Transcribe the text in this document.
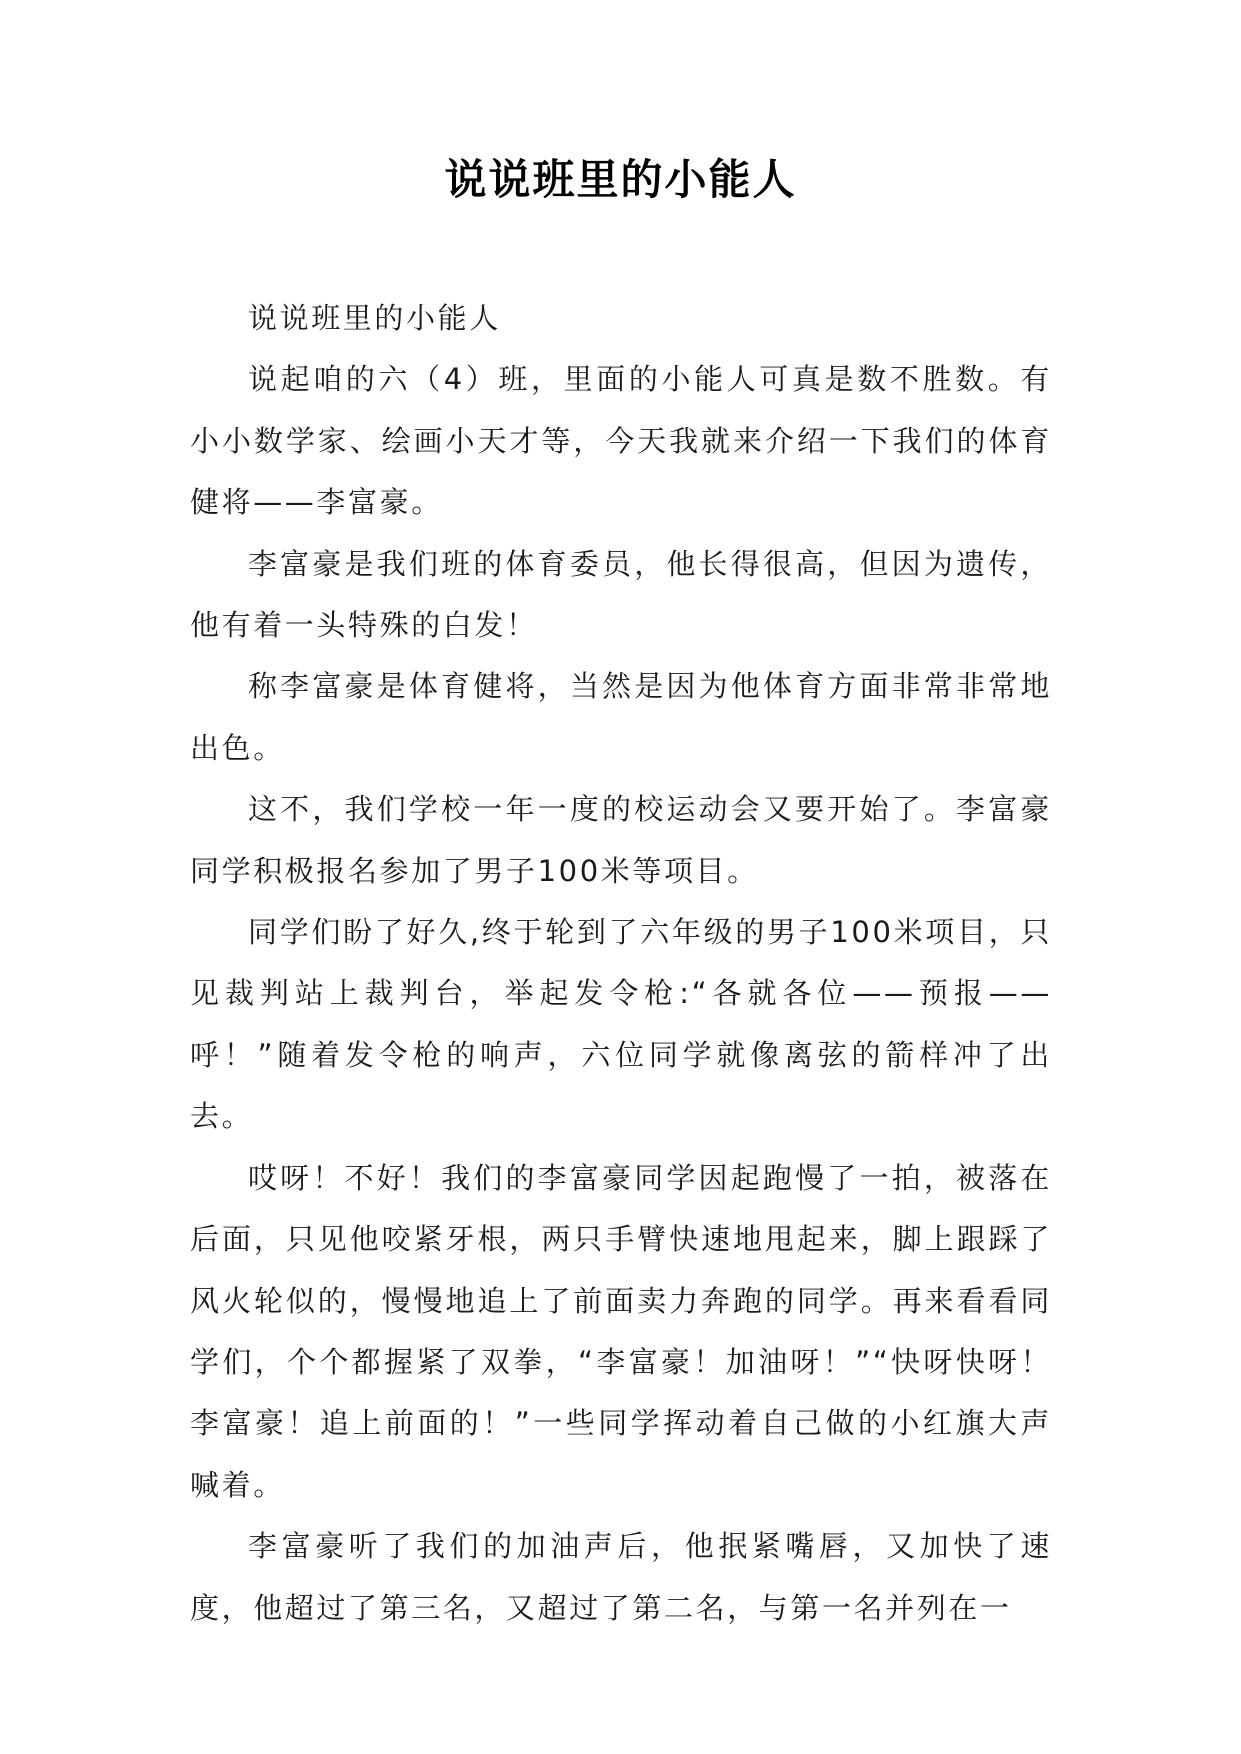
说说班里的小能人

说说班里的小能人

说起咱的六（4）班，里面的小能人可真是数不胜数。有小小数学家、绘画小天才等，今天我就来介绍一下我们的体育健将——李富豪。

李富豪是我们班的体育委员，他长得很高，但因为遗传，他有着一头特殊的白发！

称李富豪是体育健将，当然是因为他体育方面非常非常地出色。

这不，我们学校一年一度的校运动会又要开始了。李富豪同学积极报名参加了男子100米等项目。

同学们盼了好久,终于轮到了六年级的男子100米项目，只见裁判站上裁判台，举起发令枪:“各就各位——预报——呼！”随着发令枪的响声，六位同学就像离弦的箭样冲了出去。

哎呀！不好！我们的李富豪同学因起跑慢了一拍，被落在后面，只见他咬紧牙根，两只手臂快速地甩起来，脚上跟踩了风火轮似的，慢慢地追上了前面卖力奔跑的同学。再来看看同学们，个个都握紧了双拳，“李富豪！加油呀！”“快呀快呀！李富豪！追上前面的！”一些同学挥动着自己做的小红旗大声喊着。

李富豪听了我们的加油声后，他抿紧嘴唇，又加快了速度，他超过了第三名，又超过了第二名，与第一名并列在一
